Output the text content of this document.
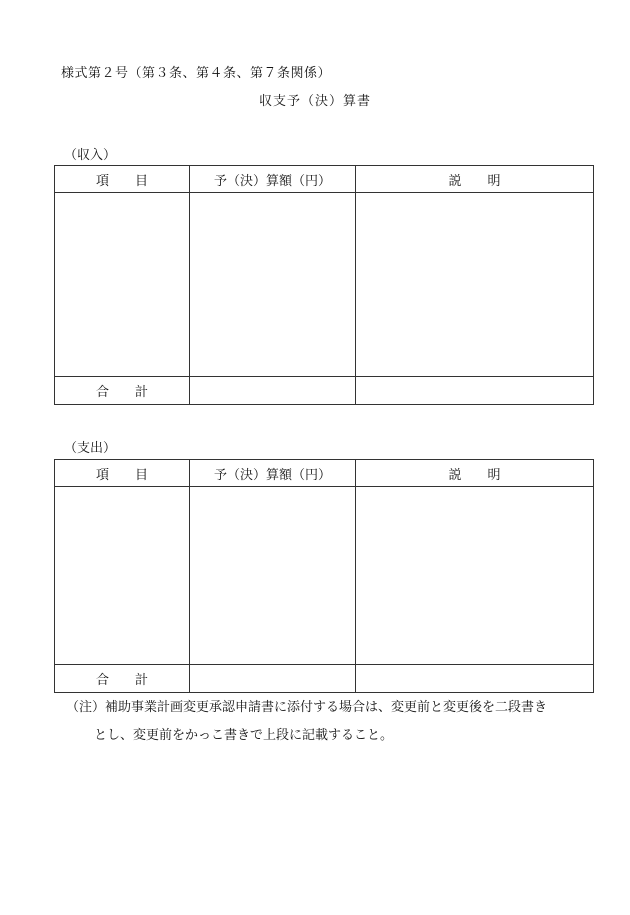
様式第２号（第３条、第４条、第７条関係）
収支予（決）算書
（収入）
項　　目	予（決）算額（円）	説　　明

合　　計		
（支出）
項　　目	予（決）算額（円）	説　　明

合　　計		
（注）補助事業計画変更承認申請書に添付する場合は、変更前と変更後を二段書き
とし、変更前をかっこ書きで上段に記載すること。
